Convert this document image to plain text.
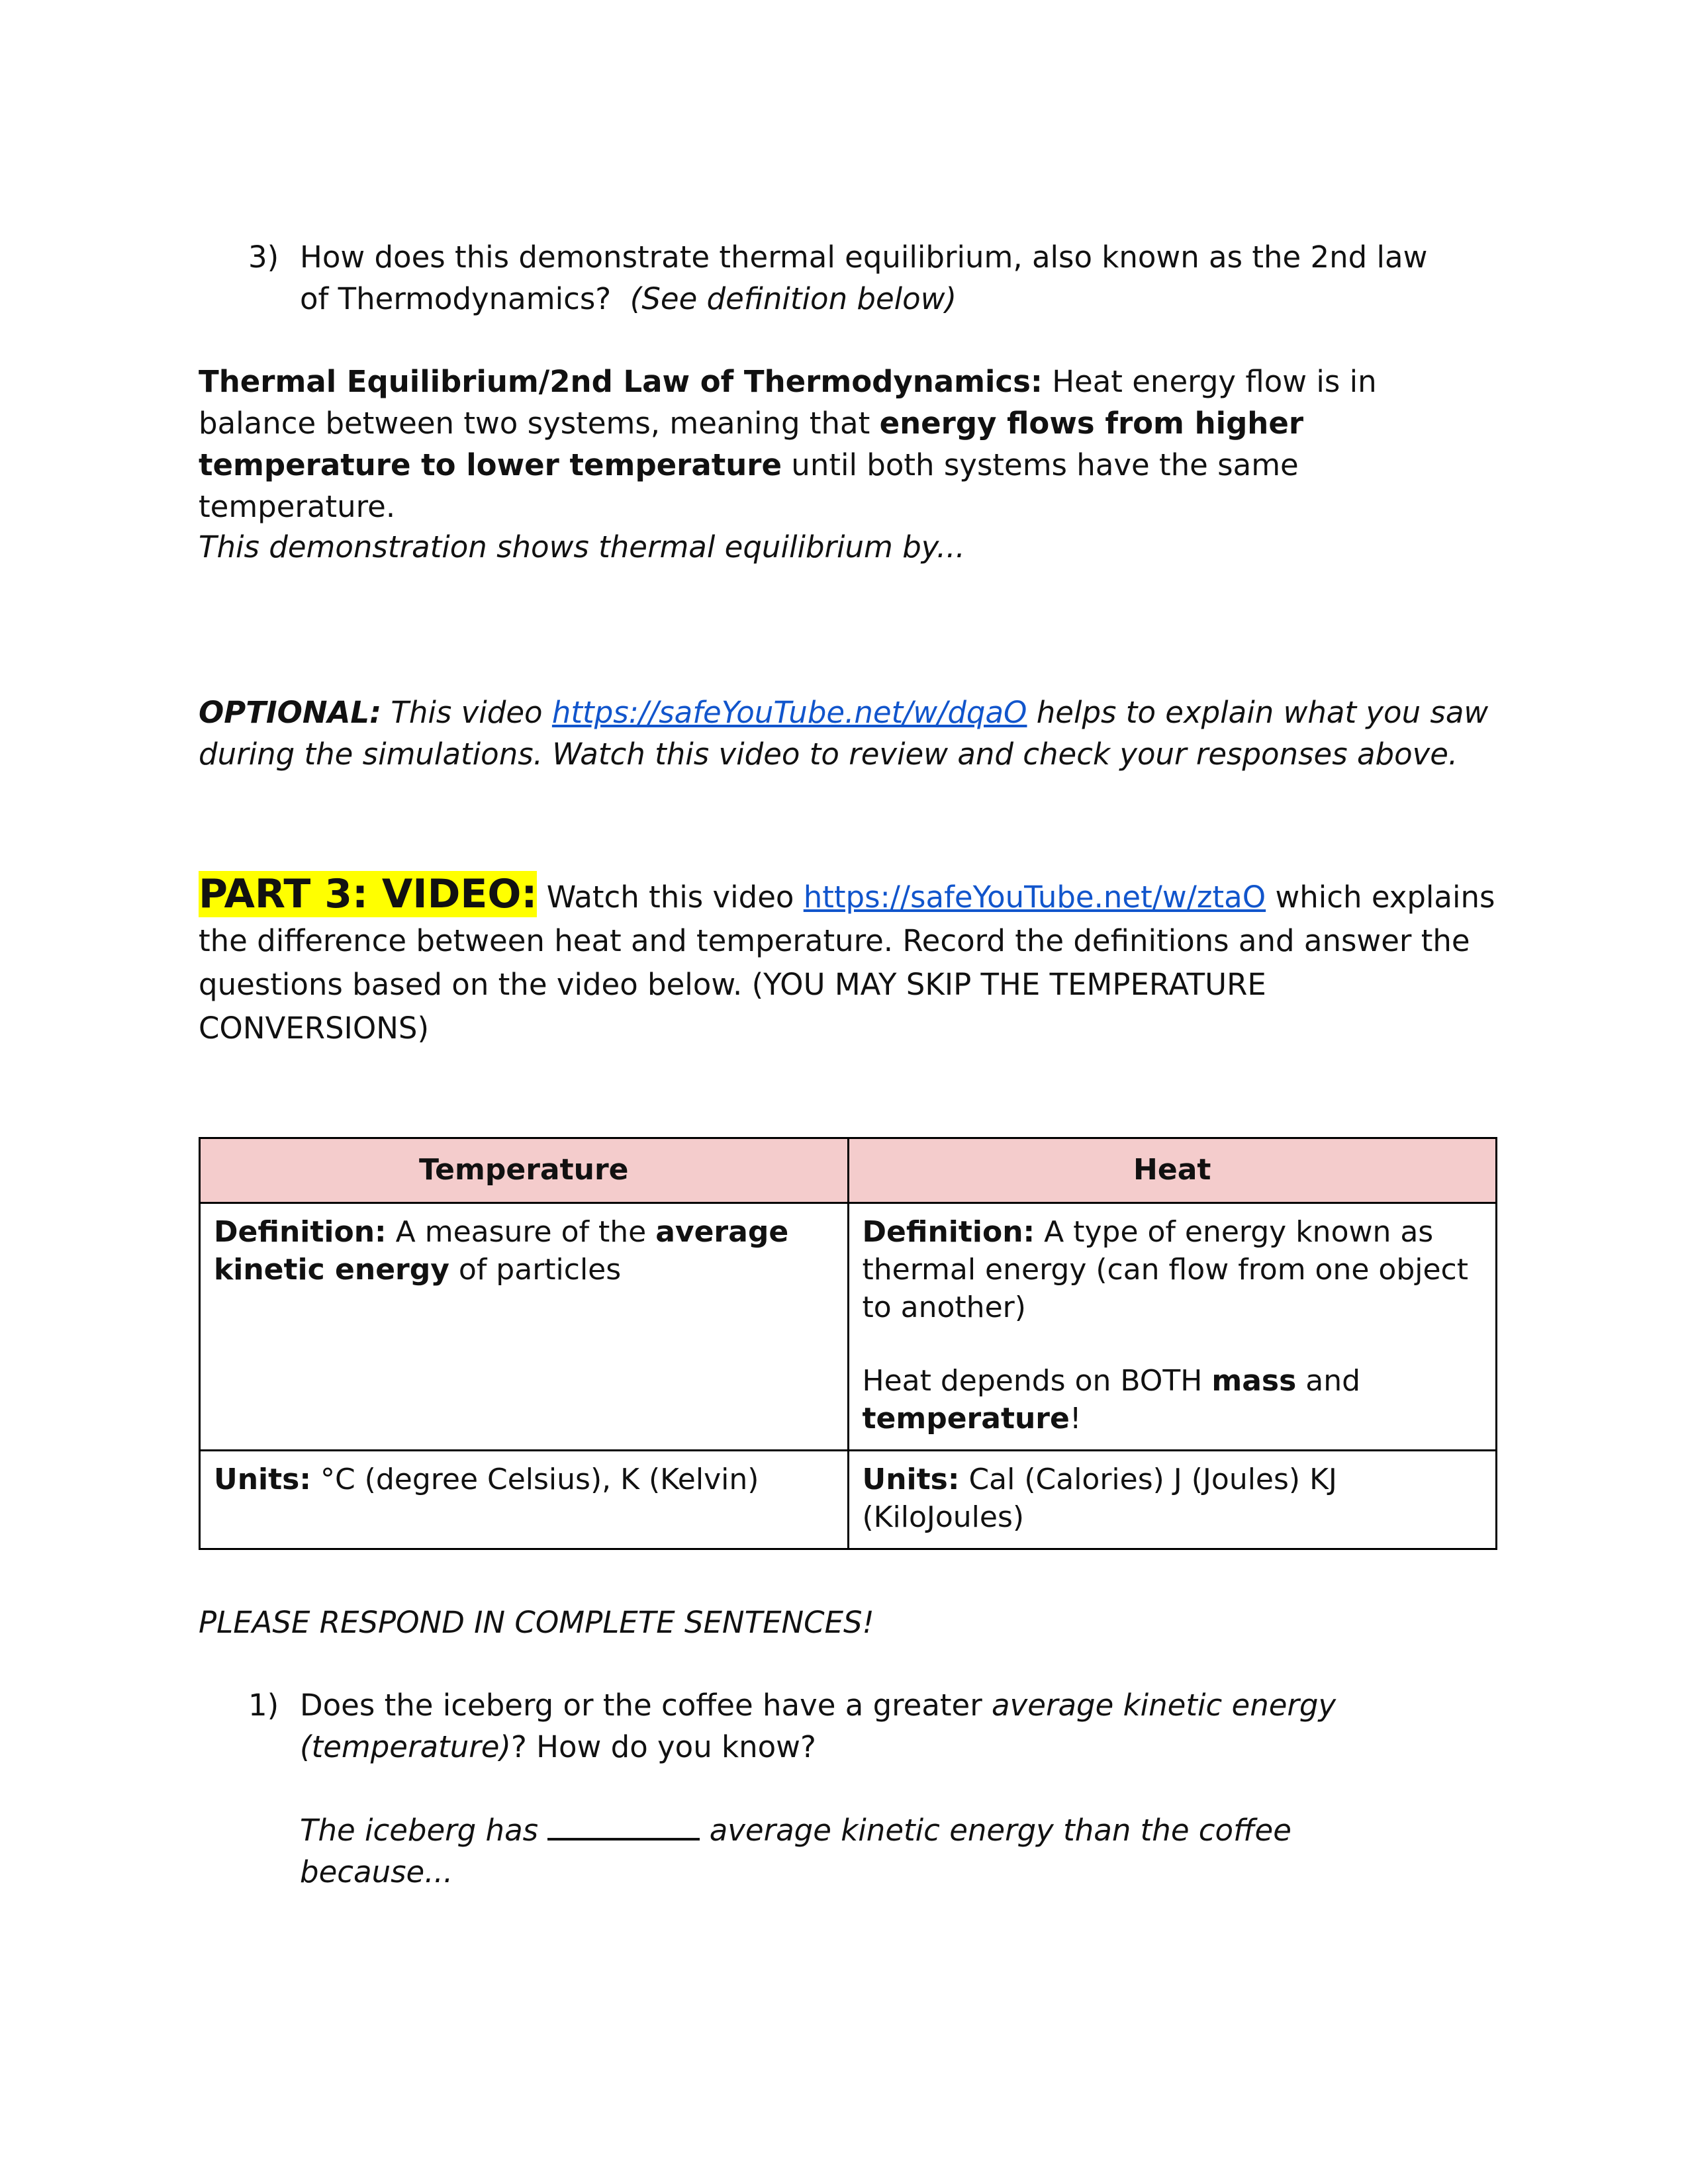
3) How does this demonstrate thermal equilibrium, also known as the 2nd law of Thermodynamics? (See definition below)
Thermal Equilibrium/2nd Law of Thermodynamics: Heat energy flow is in balance between two systems, meaning that energy flows from higher temperature to lower temperature until both systems have the same temperature.
This demonstration shows thermal equilibrium by...
OPTIONAL: This video https://safeYouTube.net/w/dqaO helps to explain what you saw during the simulations. Watch this video to review and check your responses above.
PART 3: VIDEO: Watch this video https://safeYouTube.net/w/ztaO which explains the difference between heat and temperature. Record the definitions and answer the questions based on the video below. (YOU MAY SKIP THE TEMPERATURE CONVERSIONS)
Temperature	Heat
Definition: A measure of the average kinetic energy of particles	Definition: A type of energy known as thermal energy (can flow from one object to another)
Heat depends on BOTH mass and temperature!

Units: °C (degree Celsius), K (Kelvin)	Units: Cal (Calories) J (Joules) KJ (KiloJoules)
PLEASE RESPOND IN COMPLETE SENTENCES!
1) Does the iceberg or the coffee have a greater average kinetic energy (temperature)? How do you know?
The iceberg has	average kinetic energy than the coffee because...
